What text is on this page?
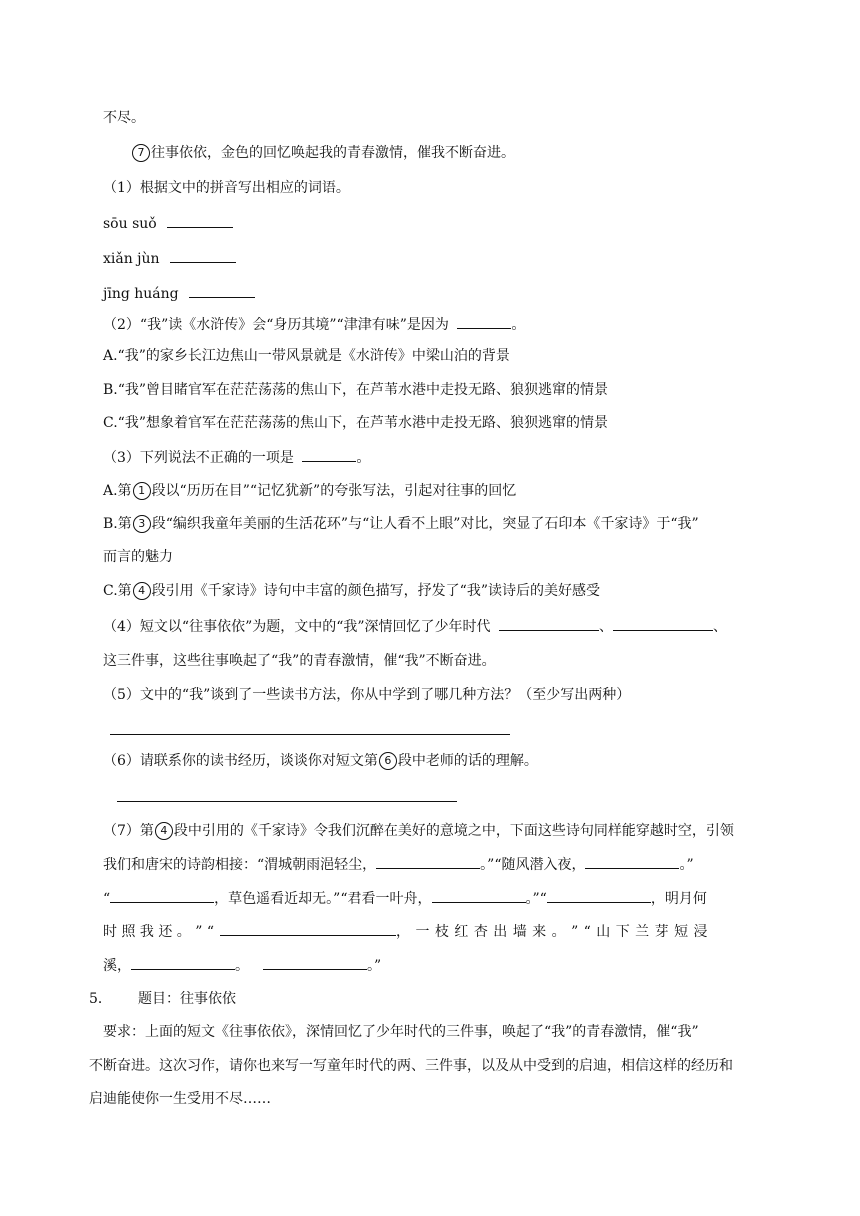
不尽。
7 往事依依，金色的回忆唤起我的青春激情，催我不断奋进。
（1）根据文中的拼音写出相应的词语。
sōu suǒ
xiǎn jùn
jīng huáng
（2）“我”读《水浒传》会“身历其境”“津津有味”是因为	。
A.“我”的家乡长江边焦山一带风景就是《水浒传》中梁山泊的背景
B.“我”曾目睹官军在茫茫荡荡的焦山下，在芦苇水港中走投无路、狼狈逃窜的情景
C.“我”想象着官军在茫茫荡荡的焦山下，在芦苇水港中走投无路、狼狈逃窜的情景
（3）下列说法不正确的一项是	。
A.第 1 段以“历历在目”“记忆犹新”的夸张写法，引起对往事的回忆
B.第 3 段“编织我童年美丽的生活花环”与“让人看不上眼”对比，突显了石印本《千家诗》于“我”
而言的魅力
C.第 4 段引用《千家诗》诗句中丰富的颜色描写，抒发了“我”读诗后的美好感受
（4）短文以“往事依依”为题，文中的“我”深情回忆了少年时代	、	、
这三件事，这些往事唤起了“我”的青春激情，催“我”不断奋进。
（5）文中的“我”谈到了一些读书方法，你从中学到了哪几种方法？（至少写出两种）
（6）请联系你的读书经历，谈谈你对短文第 6 段中老师的话的理解。
（7）第 4 段中引用的《千家诗》令我们沉醉在美好的意境之中，下面这些诗句同样能穿越时空，引领
我们和唐宋的诗韵相接：“渭城朝雨浥轻尘，	。”“随风潜入夜，	。”
“	，草色遥看近却无。”“君看一叶舟，	。”“	，明月何
时 照 我 还 。 ” “	， 一 枝 红 杏 出 墙 来 。 ” “ 山 下 兰 芽 短 浸
溪，	。	。”
5． 题目：往事依依
要求：上面的短文《往事依依》，深情回忆了少年时代的三件事，唤起了“我”的青春激情，催“我”
不断奋进。这次习作，请你也来写一写童年时代的两、三件事，以及从中受到的启迪，相信这样的经历和
启迪能使你一生受用不尽……
